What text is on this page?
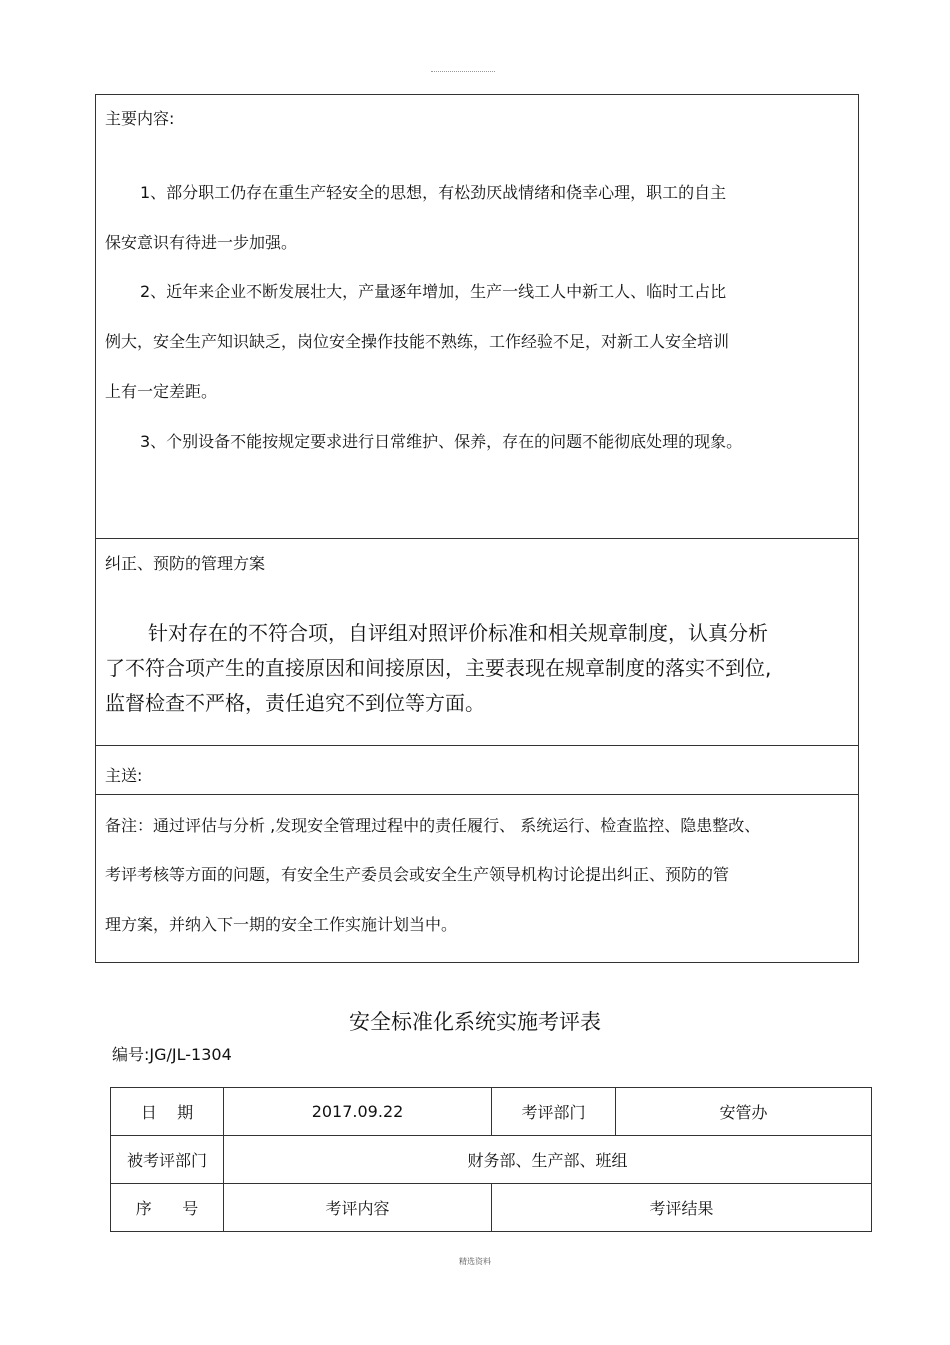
主要内容:
1、部分职工仍存在重生产轻安全的思想，有松劲厌战情绪和侥幸心理，职工的自主
保安意识有待进一步加强。
2、近年来企业不断发展壮大，产量逐年增加，生产一线工人中新工人、临时工占比
例大，安全生产知识缺乏，岗位安全操作技能不熟练，工作经验不足，对新工人安全培训
上有一定差距。
3、个别设备不能按规定要求进行日常维护、保养，存在的问题不能彻底处理的现象。
纠正、预防的管理方案
针对存在的不符合项，自评组对照评价标准和相关规章制度，认真分析
了不符合项产生的直接原因和间接原因，主要表现在规章制度的落实不到位,
监督检查不严格，责任追究不到位等方面。
主送:
备注：通过评估与分析 ,发现安全管理过程中的责任履行、 系统运行、检查监控、隐患整改、
考评考核等方面的问题，有安全生产委员会或安全生产领导机构讨论提出纠正、预防的管
理方案，并纳入下一期的安全工作实施计划当中。
安全标准化系统实施考评表
编号:JG/JL-1304
日    期	2017.09.22	考评部门	安管办
被考评部门	财务部、生产部、班组		
序      号	考评内容	考评结果	
精选资料
